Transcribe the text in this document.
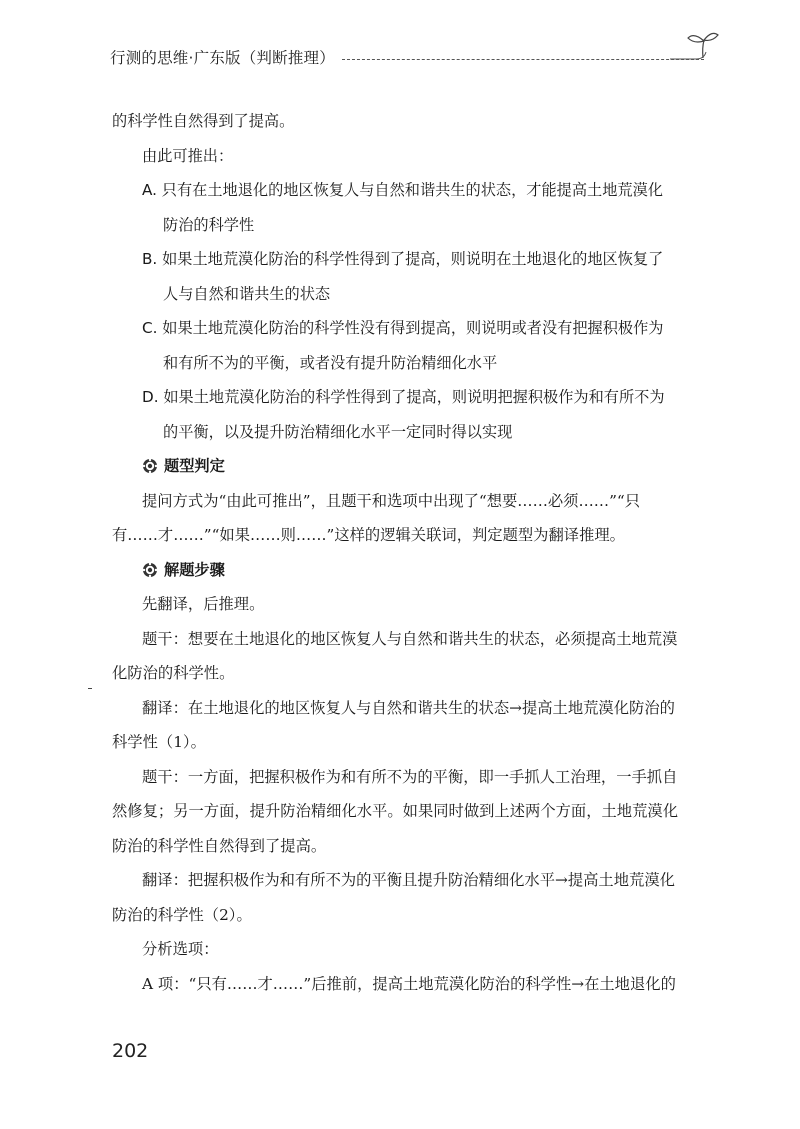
行测的思维·广东版（判断推理）
的科学性自然得到了提高。
由此可推出：
A. 只有在土地退化的地区恢复人与自然和谐共生的状态，才能提高土地荒漠化
防治的科学性
B. 如果土地荒漠化防治的科学性得到了提高，则说明在土地退化的地区恢复了
人与自然和谐共生的状态
C. 如果土地荒漠化防治的科学性没有得到提高，则说明或者没有把握积极作为
和有所不为的平衡，或者没有提升防治精细化水平
D. 如果土地荒漠化防治的科学性得到了提高，则说明把握积极作为和有所不为
的平衡，以及提升防治精细化水平一定同时得以实现
题型判定
提问方式为“由此可推出”，且题干和选项中出现了“想要……必须……”“只
有……才……”“如果……则……”这样的逻辑关联词，判定题型为翻译推理。
解题步骤
先翻译，后推理。
题干：想要在土地退化的地区恢复人与自然和谐共生的状态，必须提高土地荒漠
化防治的科学性。
翻译：在土地退化的地区恢复人与自然和谐共生的状态→提高土地荒漠化防治的
科学性（1）。
题干：一方面，把握积极作为和有所不为的平衡，即一手抓人工治理，一手抓自
然修复；另一方面，提升防治精细化水平。如果同时做到上述两个方面，土地荒漠化
防治的科学性自然得到了提高。
翻译：把握积极作为和有所不为的平衡且提升防治精细化水平→提高土地荒漠化
防治的科学性（2）。
分析选项：
A 项：“只有……才……”后推前，提高土地荒漠化防治的科学性→在土地退化的
202
